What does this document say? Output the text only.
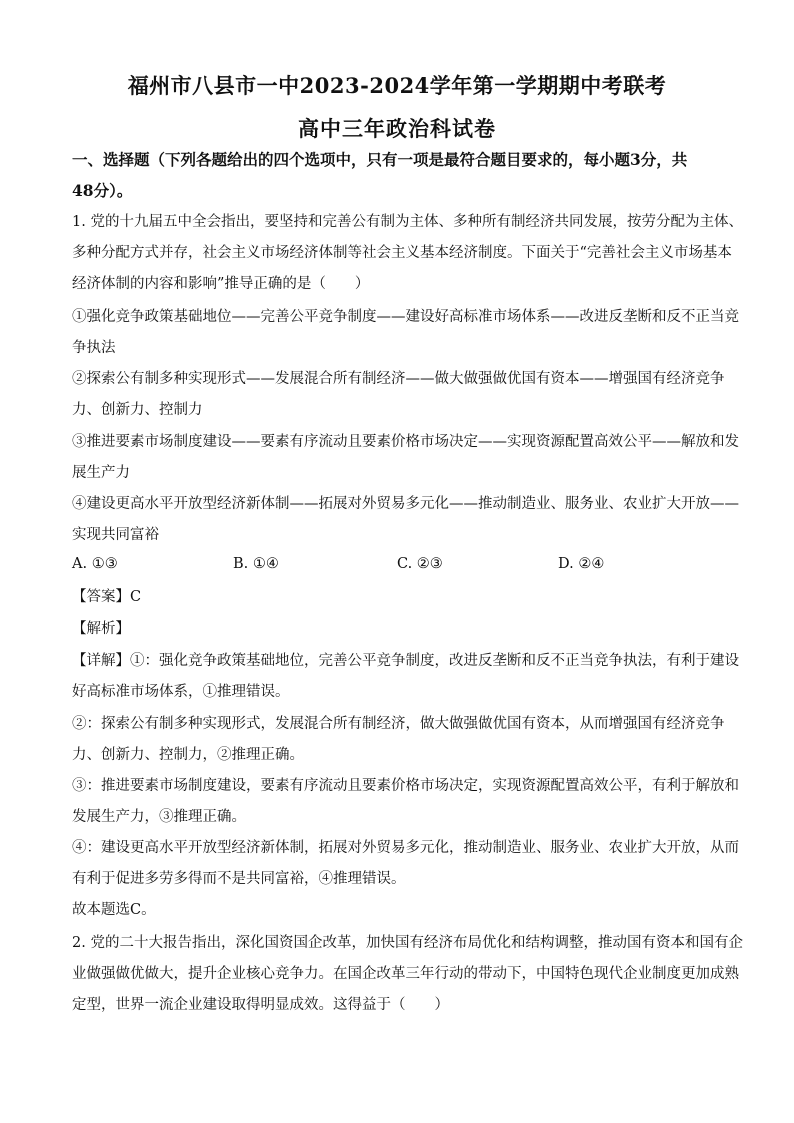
福州市八县市一中2023-2024学年第一学期期中考联考
高中三年政治科试卷
一、选择题（下列各题给出的四个选项中，只有一项是最符合题目要求的，每小题3分，共
48分）。
1. 党的十九届五中全会指出，要坚持和完善公有制为主体、多种所有制经济共同发展，按劳分配为主体、
多种分配方式并存，社会主义市场经济体制等社会主义基本经济制度。下面关于“完善社会主义市场基本
经济体制的内容和影响”推导正确的是（　　）
①强化竞争政策基础地位——完善公平竞争制度——建设好高标准市场体系——改进反垄断和反不正当竞
争执法
②探索公有制多种实现形式——发展混合所有制经济——做大做强做优国有资本——增强国有经济竞争
力、创新力、控制力
③推进要素市场制度建设——要素有序流动且要素价格市场决定——实现资源配置高效公平——解放和发
展生产力
④建设更高水平开放型经济新体制——拓展对外贸易多元化——推动制造业、服务业、农业扩大开放——
实现共同富裕
A. ①③	B. ①④	C. ②③	D. ②④
【答案】C
【解析】
【详解】①：强化竞争政策基础地位，完善公平竞争制度，改进反垄断和反不正当竞争执法，有利于建设
好高标准市场体系，①推理错误。
②：探索公有制多种实现形式，发展混合所有制经济，做大做强做优国有资本，从而增强国有经济竞争
力、创新力、控制力，②推理正确。
③：推进要素市场制度建设，要素有序流动且要素价格市场决定，实现资源配置高效公平，有利于解放和
发展生产力，③推理正确。
④：建设更高水平开放型经济新体制，拓展对外贸易多元化，推动制造业、服务业、农业扩大开放，从而
有利于促进多劳多得而不是共同富裕，④推理错误。
故本题选C。
2. 党的二十大报告指出，深化国资国企改革，加快国有经济布局优化和结构调整，推动国有资本和国有企
业做强做优做大，提升企业核心竞争力。在国企改革三年行动的带动下，中国特色现代企业制度更加成熟
定型，世界一流企业建设取得明显成效。这得益于（　　）
